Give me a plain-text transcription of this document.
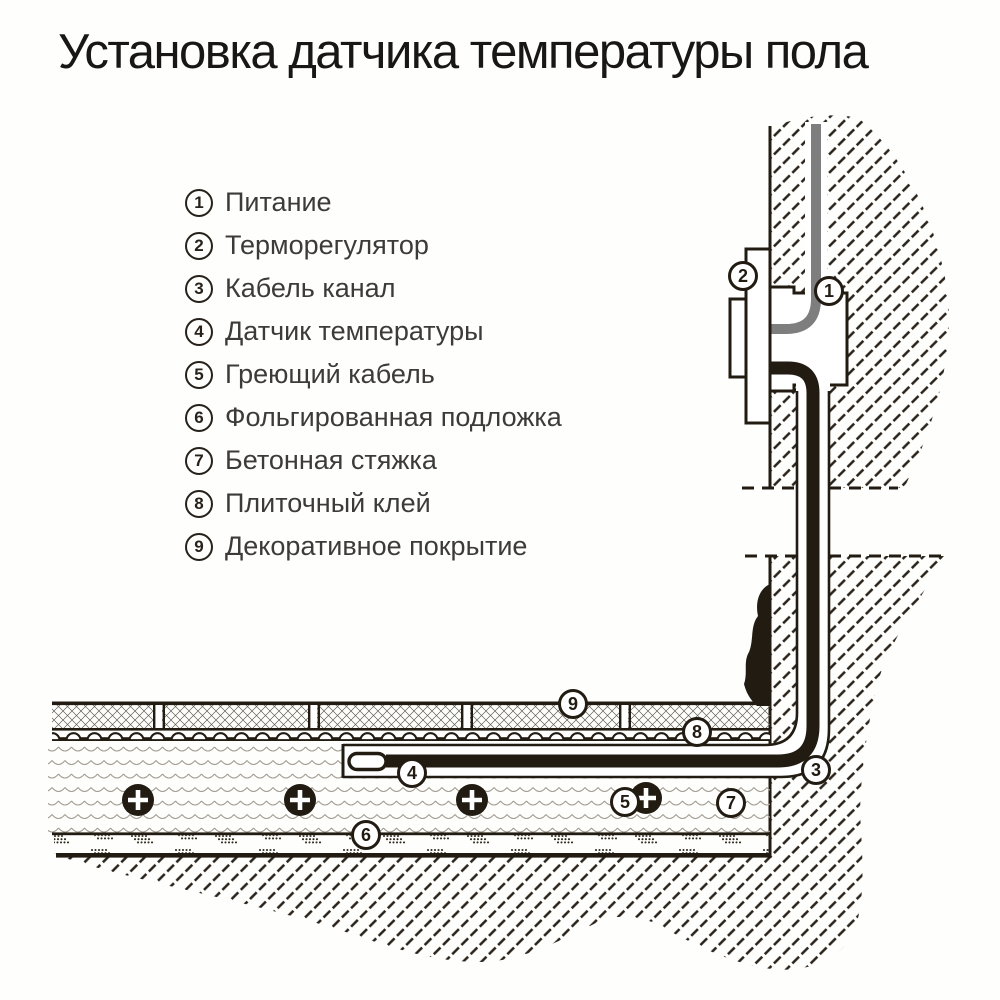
Установка датчика температуры пола
1 Питание
2 Терморегулятор
3 Кабель канал
4 Датчик температуры
5 Греющий кабель
6 Фольгированная подложка
7 Бетонная стяжка
8 Плиточный клей
9 Декоративное покрытие
1
2
3
4
5
6
7
8
9
